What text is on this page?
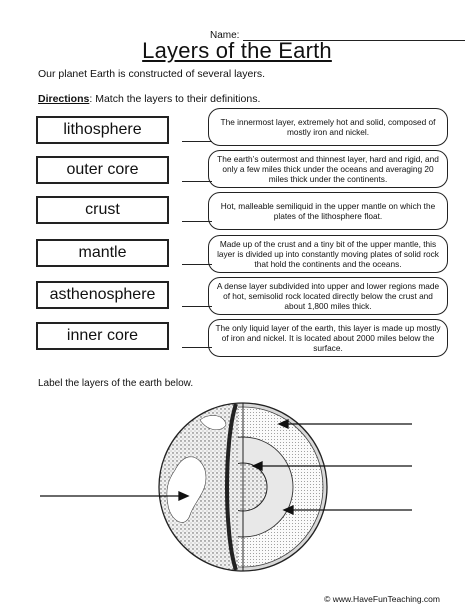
Name:
Layers of the Earth
Our planet Earth is constructed of several layers.
Directions: Match the layers to their definitions.
lithosphere
outer core
crust
mantle
asthenosphere
inner core
The innermost layer, extremely hot and solid, composed of mostly iron and nickel.
The earth’s outermost and thinnest layer, hard and rigid, and only a few miles thick under the oceans and averaging 20 miles thick under the continents.
Hot, malleable semiliquid in the upper mantle on which the plates of the lithosphere float.
Made up of the crust and a tiny bit of the upper mantle, this layer is divided up into constantly moving plates of solid rock that hold the continents and the oceans.
A dense layer subdivided into upper and lower regions made of hot, semisolid rock located directly below the crust and about 1,800 miles thick.
The only liquid layer of the earth, this layer is made up mostly of iron and nickel. It is located about 2000 miles below the surface.
Label the layers of the earth below.
© www.HaveFunTeaching.com
